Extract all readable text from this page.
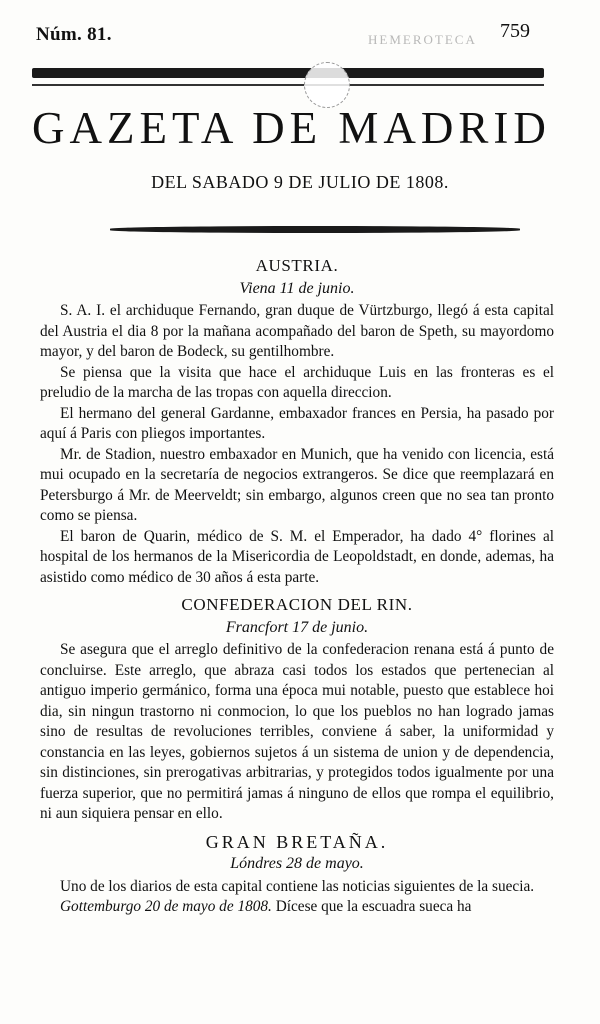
Núm. 81.	HEMEROTECA 759
GAZETA DE MADRID
DEL SABADO 9 DE JULIO DE 1808.
AUSTRIA.
Viena 11 de junio.

S. A. I. el archiduque Fernando, gran duque de Vürtzburgo, llegó á esta capital del Austria el dia 8 por la mañana acompañado del baron de Speth, su mayordomo mayor, y del baron de Bodeck, su gentilhombre.

Se piensa que la visita que hace el archiduque Luis en las fronteras es el preludio de la marcha de las tropas con aquella direccion.

El hermano del general Gardanne, embaxador frances en Persia, ha pasado por aquí á Paris con pliegos importantes.

Mr. de Stadion, nuestro embaxador en Munich, que ha venido con licencia, está mui ocupado en la secretaría de negocios extrangeros. Se dice que reemplazará en Petersburgo á Mr. de Meerveldt; sin embargo, algunos creen que no sea tan pronto como se piensa.

El baron de Quarin, médico de S. M. el Emperador, ha dado 4° florines al hospital de los hermanos de la Misericordia de Leopoldstadt, en donde, ademas, ha asistido como médico de 30 años á esta parte.

CONFEDERACION DEL RIN.
Francfort 17 de junio.

Se asegura que el arreglo definitivo de la confederacion renana está á punto de concluirse. Este arreglo, que abraza casi todos los estados que pertenecian al antiguo imperio germánico, forma una época mui notable, puesto que establece hoi dia, sin ningun trastorno ni conmocion, lo que los pueblos no han logrado jamas sino de resultas de revoluciones terribles, conviene á saber, la uniformidad y constancia en las leyes, gobiernos sujetos á un sistema de union y de dependencia, sin distinciones, sin prerogativas arbitrarias, y protegidos todos igualmente por una fuerza superior, que no permitirá jamas á ninguno de ellos que rompa el equilibrio, ni aun siquiera pensar en ello.

GRAN BRETAÑA.
Lóndres 28 de mayo.

Uno de los diarios de esta capital contiene las noticias siguientes de la suecia.

Gottemburgo 20 de mayo de 1808. Dícese que la escuadra sueca ha
